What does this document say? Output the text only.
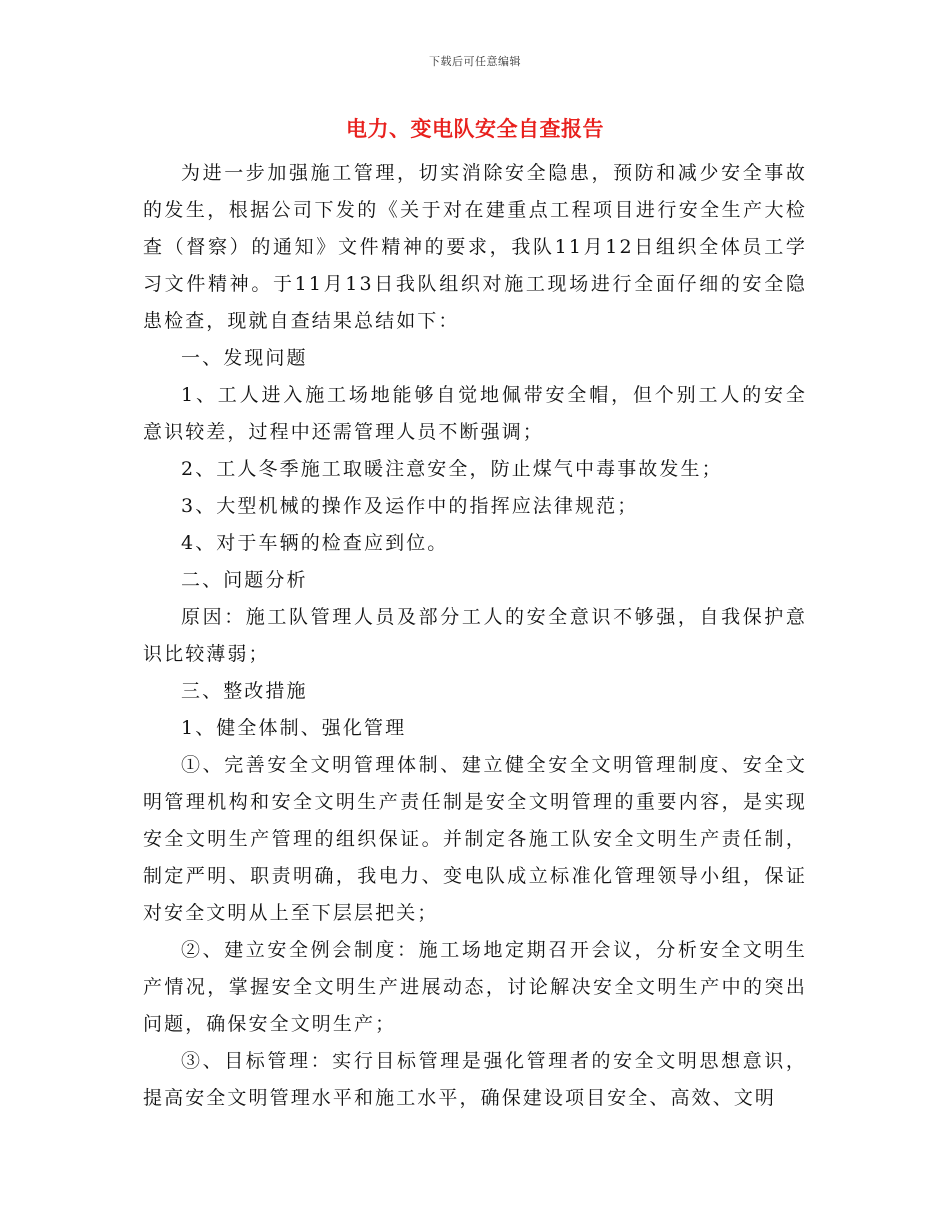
下载后可任意编辑
电力、变电队安全自查报告

为进一步加强施工管理，切实消除安全隐患，预防和减少安全事故的发生，根据公司下发的《关于对在建重点工程项目进行安全生产大检查（督察）的通知》文件精神的要求，我队11月12日组织全体员工学习文件精神。于11月13日我队组织对施工现场进行全面仔细的安全隐患检查，现就自查结果总结如下：

一、发现问题

1、工人进入施工场地能够自觉地佩带安全帽，但个别工人的安全意识较差，过程中还需管理人员不断强调；

2、工人冬季施工取暖注意安全，防止煤气中毒事故发生；

3、大型机械的操作及运作中的指挥应法律规范；

4、对于车辆的检查应到位。

二、问题分析

原因：施工队管理人员及部分工人的安全意识不够强，自我保护意识比较薄弱；

三、整改措施

1、健全体制、强化管理

①、完善安全文明管理体制、建立健全安全文明管理制度、安全文明管理机构和安全文明生产责任制是安全文明管理的重要内容，是实现安全文明生产管理的组织保证。并制定各施工队安全文明生产责任制，制定严明、职责明确，我电力、变电队成立标准化管理领导小组，保证对安全文明从上至下层层把关；

②、建立安全例会制度：施工场地定期召开会议，分析安全文明生产情况，掌握安全文明生产进展动态，讨论解决安全文明生产中的突出问题，确保安全文明生产；

③、目标管理：实行目标管理是强化管理者的安全文明思想意识，提高安全文明管理水平和施工水平，确保建设项目安全、高效、文明
